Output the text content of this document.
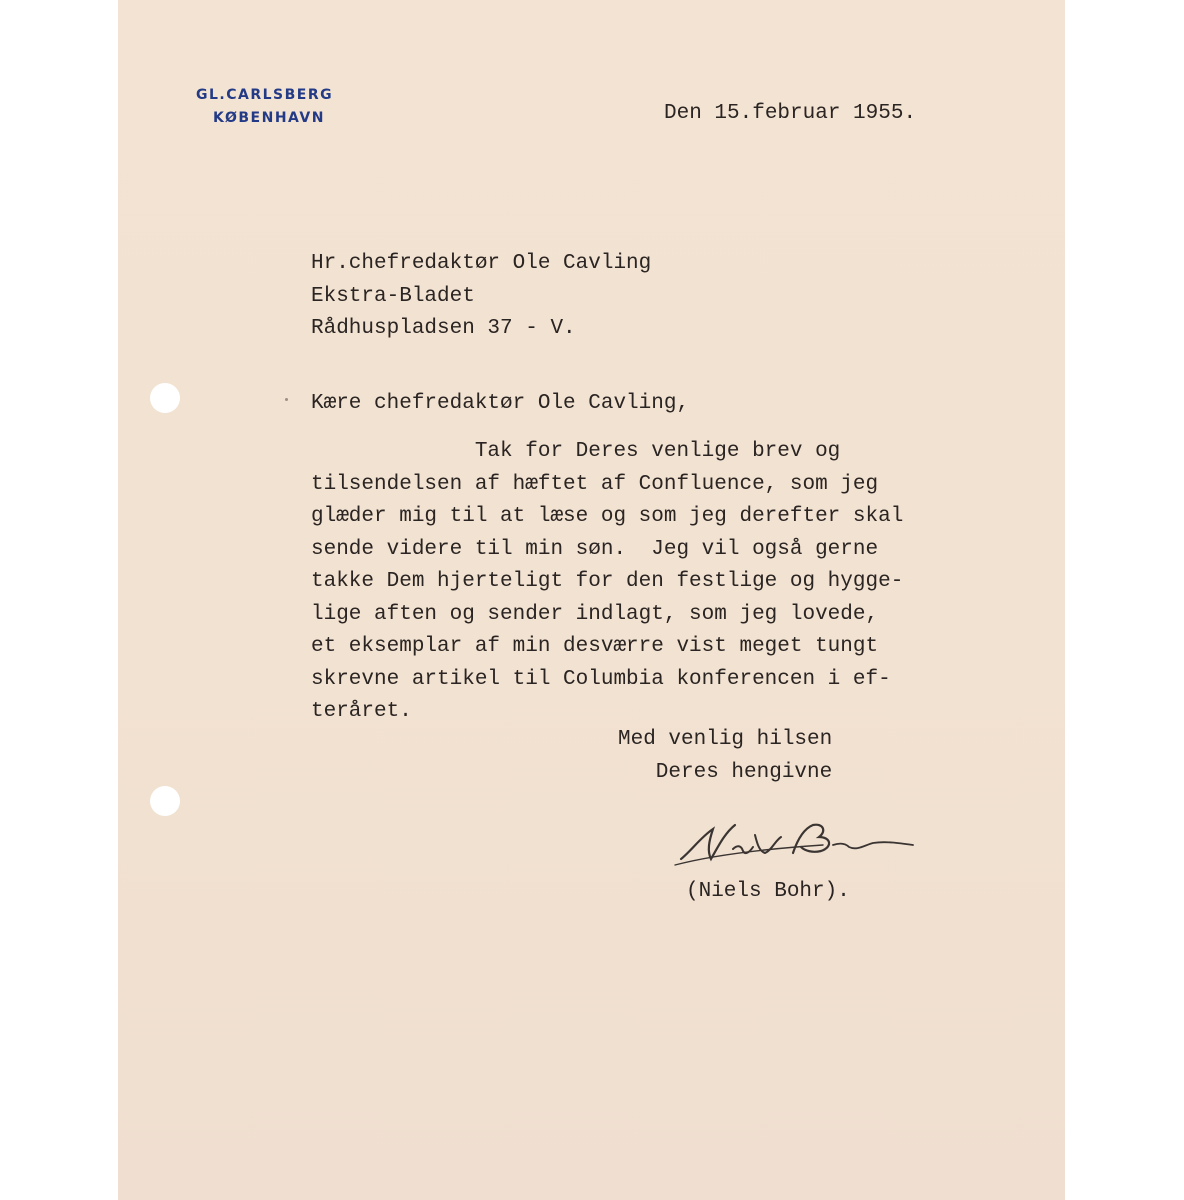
GL.CARLSBERG
KØBENHAVN	Den 15.februar 1955.
Hr.chefredaktør Ole Cavling
Ekstra-Bladet
Rådhuspladsen 37 - V.
Kære chefredaktør Ole Cavling,
Tak for Deres venlige brev og
tilsendelsen af hæftet af Confluence, som jeg
glæder mig til at læse og som jeg derefter skal
sende videre til min søn.  Jeg vil også gerne
takke Dem hjerteligt for den festlige og hygge-
lige aften og sender indlagt, som jeg lovede,
et eksemplar af min desværre vist meget tungt
skrevne artikel til Columbia konferencen i ef-
teråret.
Med venlig hilsen
Deres hengivne
(Niels Bohr).
